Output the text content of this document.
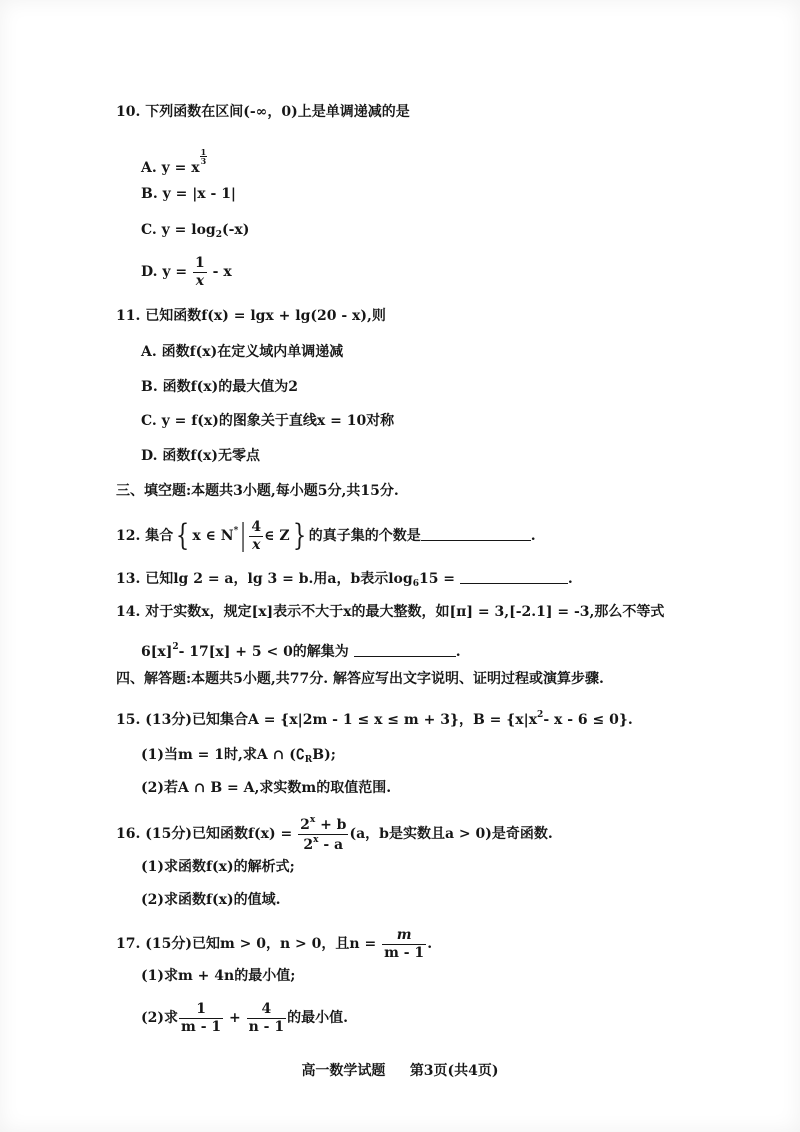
10. 下列函数在区间(-∞，0)上是单调递减的是
A. y = x
$\frac{1}{3}$
B. y = |x - 1|
C. $y = \log_2(-x)$
D. $y = \frac{1}{x} - x$
11. 已知函数f(x) = lgx + lg(20 - x),则
A. 函数f(x)在定义域内单调递减
B. 函数f(x)的最大值为2
C. y = f(x)的图象关于直线x = 10对称
D. 函数f(x)无零点
三、填空题:本题共3小题,每小题5分,共15分.
12. 集合{ x ∈ $N^*| \frac{4}{x}$ ∈ Z} 的真子集的个数是	.
13. 已知lg 2 = a，lg 3 = b.用a，b表示$\log_615$ =	.
14. 对于实数x，规定[x]表示不大于x的最大整数，如[π] = 3,[-2.1] = -3,那么不等式
$6[x]^2-$ 17[x] + 5 < 0的解集为	.
四、解答题:本题共5小题,共77分. 解答应写出文字说明、证明过程或演算步骤.
15. (13分)已知集合A = {x|2m - 1 ≤ x ≤ m + 3}，$B = \{x|x^2-$ x - 6 ≤ 0}.
(1)当m = 1时,求A ∩ $(∁_RB)$;
(2)若A ∩ B = A,求实数m的取值范围.
16. (15分)已知函数$f(x) = \frac{2^x + b}{2^x - a} (a$，b是实数且a > 0)是奇函数.
(1)求函数f(x)的解析式;
(2)求函数f(x)的值域.
17. (15分)已知m > 0，n > 0，且$n = \frac{m}{m - 1}$ .
(1)求m + 4n的最小值;
(2)求 $\frac{1}{m - 1} + \frac{4}{n - 1}$ 的最小值.
高一数学试题 第3页(共4页)
